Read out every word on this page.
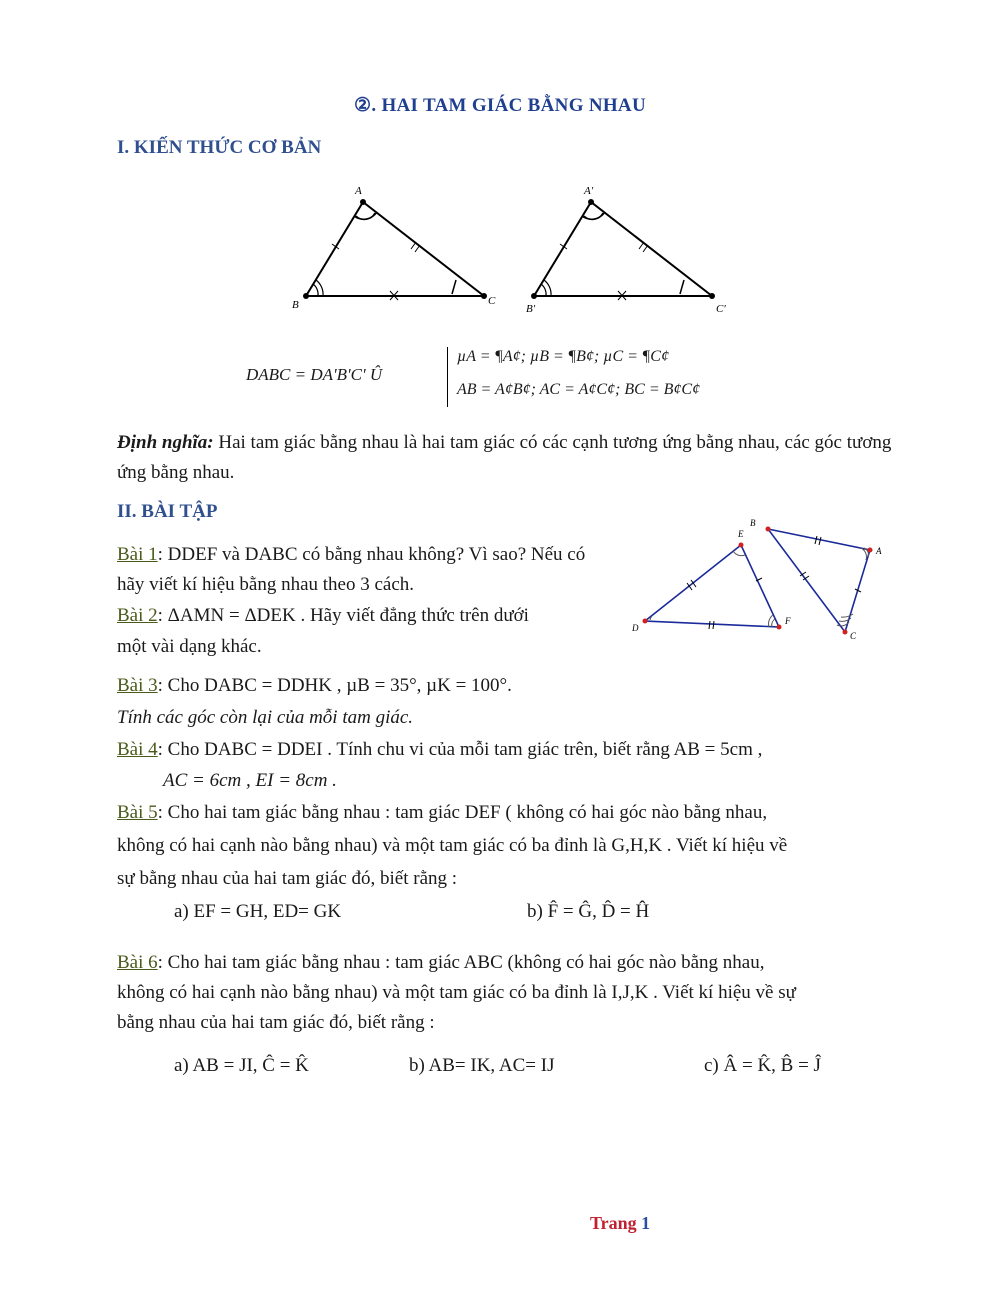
②. HAI TAM GIÁC BẰNG NHAU
I. KIẾN THỨC CƠ BẢN
A
B	C
A′
B′	C′
DABC = DA'B'C' Û
µA = ¶A¢; µB = ¶B¢; µC = ¶C¢
AB = A¢B¢; AC = A¢C¢; BC = B¢C¢
Định nghĩa: Hai tam giác bằng nhau là hai tam giác có các cạnh tương ứng bằng nhau, các góc tương ứng bằng nhau.
II. BÀI TẬP
B
E
A
D
F
C
Bài 1: DDEF và DABC có bằng nhau không? Vì sao? Nếu có
hãy viết kí hiệu bằng nhau theo 3 cách.
Bài 2: ΔAMN = ΔDEK . Hãy viết đẳng thức trên dưới
một vài dạng khác.
Bài 3: Cho DABC = DDHK , µB = 35°, µK = 100°.
Tính các góc còn lại của mỗi tam giác.
Bài 4: Cho DABC = DDEI . Tính chu vi của mỗi tam giác trên, biết rằng AB = 5cm ,
AC = 6cm , EI = 8cm .
Bài 5: Cho hai tam giác bằng nhau : tam giác DEF ( không có hai góc nào bằng nhau,
không có hai cạnh nào bằng nhau) và một tam giác có ba đỉnh là G,H,K . Viết kí hiệu về
sự bằng nhau của hai tam giác đó, biết rằng :
a) EF = GH, ED= GK	b) F̂ = Ĝ, D̂ = Ĥ
Bài 6: Cho hai tam giác bằng nhau : tam giác ABC (không có hai góc nào bằng nhau,
không có hai cạnh nào bằng nhau) và một tam giác có ba đỉnh là I,J,K . Viết kí hiệu về sự
bằng nhau của hai tam giác đó, biết rằng :
a) AB = JI, Ĉ = K̂	b) AB= IK, AC= IJ	c) Â = K̂, B̂ = Ĵ
Trang 1
